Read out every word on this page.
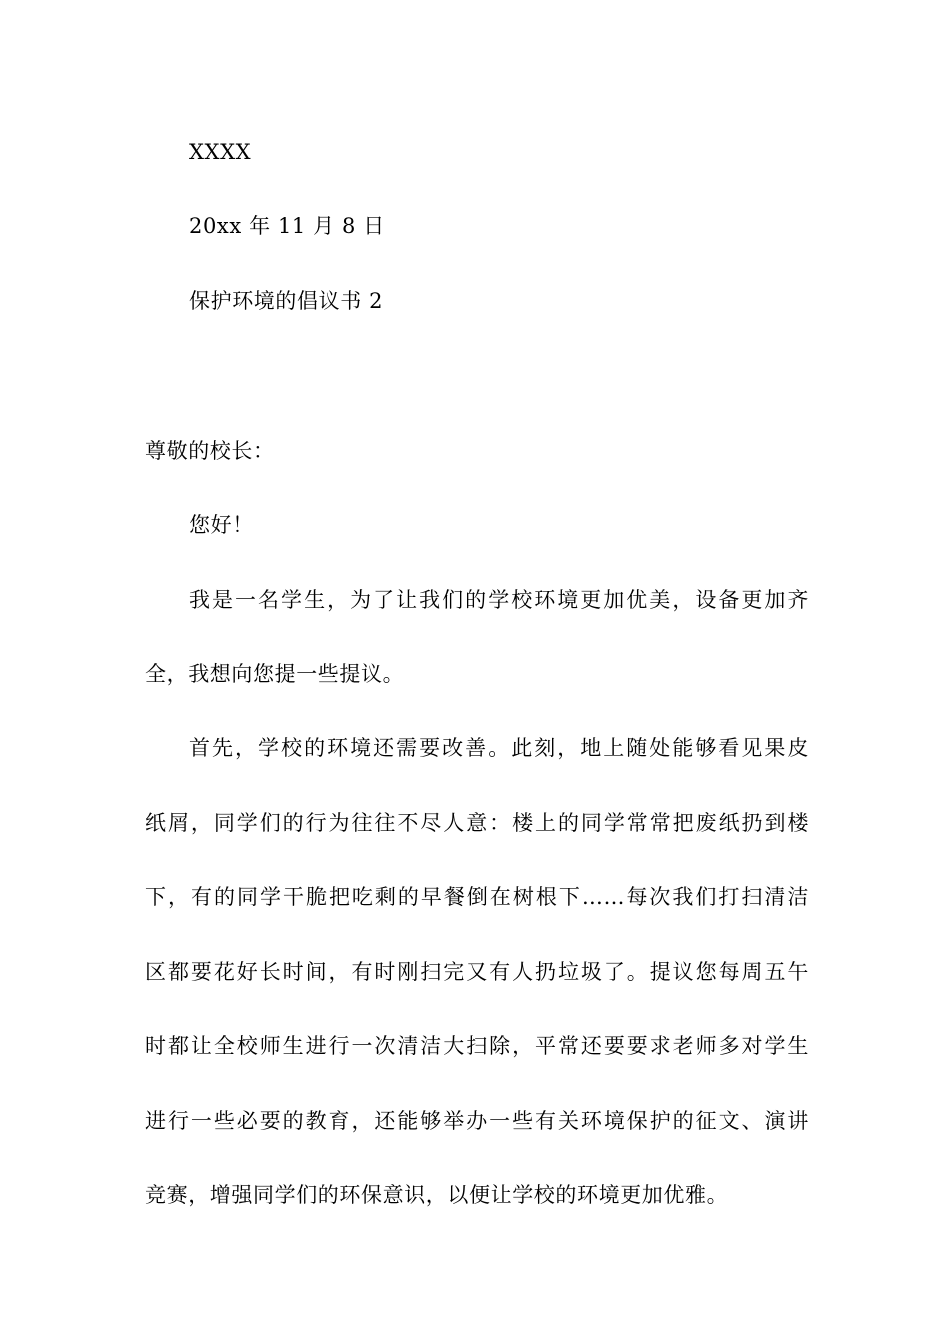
XXXX
20xx 年 11 月 8 日
保护环境的倡议书 2
尊敬的校长：
您好！
我是一名学生，为了让我们的学校环境更加优美，设备更加齐
全，我想向您提一些提议。
首先，学校的环境还需要改善。此刻，地上随处能够看见果皮
纸屑，同学们的行为往往不尽人意：楼上的同学常常把废纸扔到楼
下，有的同学干脆把吃剩的早餐倒在树根下……每次我们打扫清洁
区都要花好长时间，有时刚扫完又有人扔垃圾了。提议您每周五午
时都让全校师生进行一次清洁大扫除，平常还要要求老师多对学生
进行一些必要的教育，还能够举办一些有关环境保护的征文、演讲
竞赛，增强同学们的环保意识，以便让学校的环境更加优雅。
